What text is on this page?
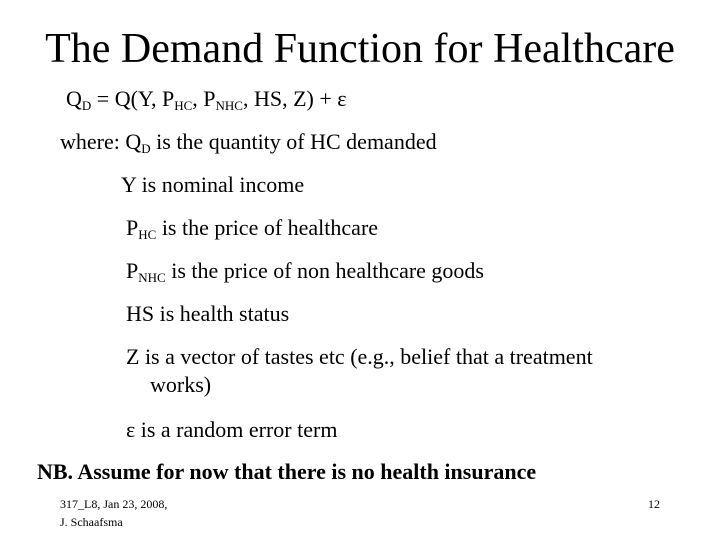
The Demand Function for Healthcare
$Q_D = Q(Y$, $P_{HC}$, $P_{NHC}$, HS, Z) + ε
where: $Q_D$ is the quantity of HC demanded
Y is nominal income
$P_{HC}$ is the price of healthcare
$P_{NHC}$ is the price of non healthcare goods
HS is health status
Z is a vector of tastes etc (e.g., belief that a treatment
works)
ε is a random error term
NB. Assume for now that there is no health insurance
317_L8, Jan 23, 2008,
J. Schaafsma
12
